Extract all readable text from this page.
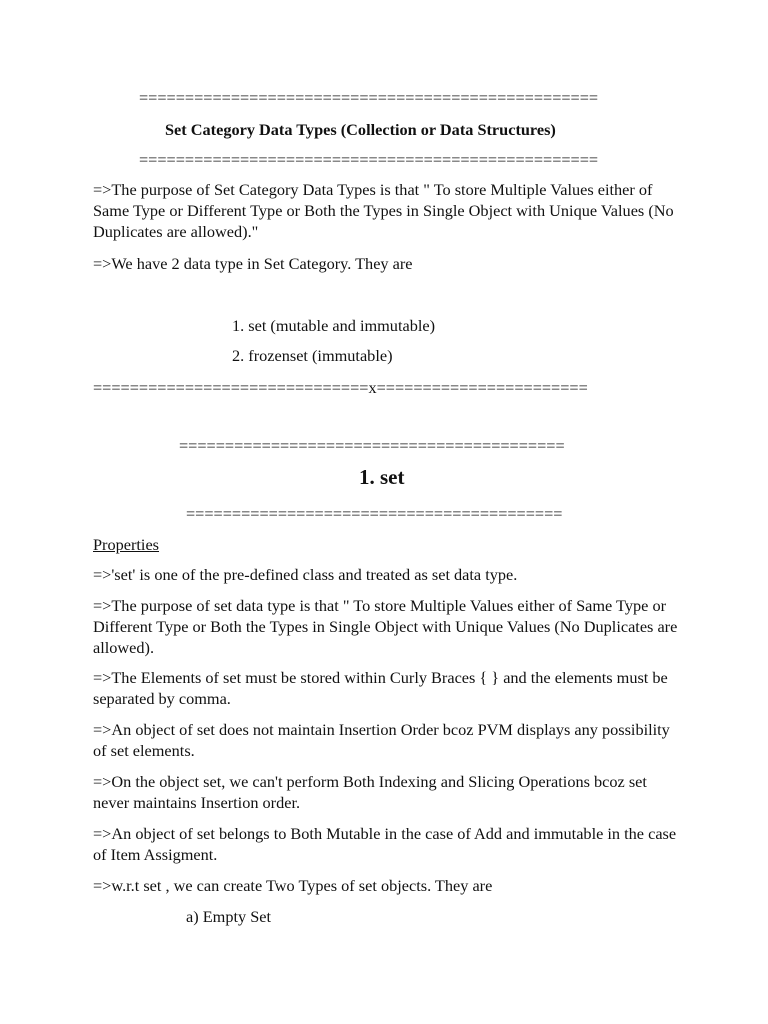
==================================================
Set Category Data Types (Collection or Data Structures)
==================================================
=>The purpose of Set Category Data Types is that " To store Multiple Values either of Same Type or Different Type or Both the Types in Single Object with Unique Values (No Duplicates are allowed)."
=>We have 2 data type in Set Category. They are
1. set (mutable and immutable)
2. frozenset (immutable)
==============================x=======================
==========================================
1. set
=========================================
Properties
=>'set' is one of the pre-defined class and treated as set data type.
=>The purpose of set data type is that " To store Multiple Values either of Same Type or Different Type or Both the Types in Single Object with Unique Values (No Duplicates are allowed).
=>The Elements of set must be stored within Curly Braces { } and the elements must be separated by comma.
=>An object of set does not maintain Insertion Order bcoz PVM displays any possibility of set elements.
=>On the object set, we can't perform Both Indexing and Slicing Operations bcoz set never maintains Insertion order.
=>An object of set belongs to Both Mutable in the case of Add and immutable in the case of Item Assigment.
=>w.r.t set , we can create Two Types of set objects. They are
a) Empty Set
